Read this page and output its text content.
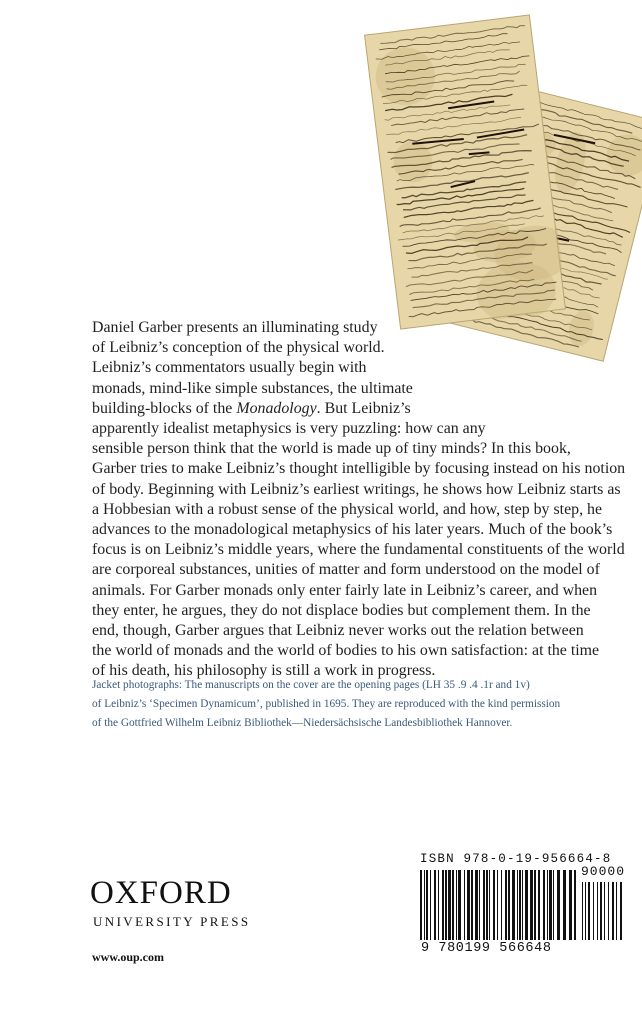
Daniel Garber presents an illuminating study
of Leibniz’s conception of the physical world.
Leibniz’s commentators usually begin with
monads, mind-like simple substances, the ultimate
building-blocks of the Monadology. But Leibniz’s
apparently idealist metaphysics is very puzzling: how can any
sensible person think that the world is made up of tiny minds? In this book,
Garber tries to make Leibniz’s thought intelligible by focusing instead on his notion
of body. Beginning with Leibniz’s earliest writings, he shows how Leibniz starts as
a Hobbesian with a robust sense of the physical world, and how, step by step, he
advances to the monadological metaphysics of his later years. Much of the book’s
focus is on Leibniz’s middle years, where the fundamental constituents of the world
are corporeal substances, unities of matter and form understood on the model of
animals. For Garber monads only enter fairly late in Leibniz’s career, and when
they enter, he argues, they do not displace bodies but complement them. In the
end, though, Garber argues that Leibniz never works out the relation between
the world of monads and the world of bodies to his own satisfaction: at the time
of his death, his philosophy is still a work in progress.
Jacket photographs: The manuscripts on the cover are the opening pages (LH 35 .9 .4 .1r and 1v)
of Leibniz’s ‘Specimen Dynamicum’, published in 1695. They are reproduced with the kind permission
of the Gottfried Wilhelm Leibniz Bibliothek—Niedersächsische Landesbibliothek Hannover.
OXFORD
UNIVERSITY PRESS
www.oup.com
ISBN 978-0-19-956664-8
90000
9 780199 566648
